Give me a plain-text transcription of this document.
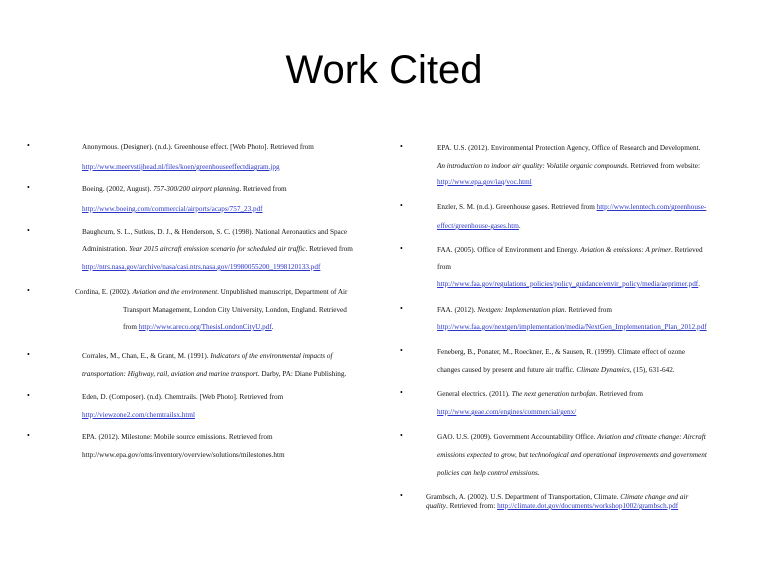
Work Cited
•	Anonymous. (Designer). (n.d.). Greenhouse effect. [Web Photo]. Retrieved from
http://www.meervstijhead.nl/files/koen/greenhouseeffectdiagram.jpg
•	Boeing. (2002, August). 757-300/200 airport planning. Retrieved from
http://www.boeing.com/commercial/airports/acaps/757_23.pdf
•	Baughcum, S. L., Sutkus, D. J., & Henderson, S. C. (1998). National Aeronautics and Space
Administration. Year 2015 aircraft emission scenario for scheduled air traffic. Retrieved from
http://ntrs.nasa.gov/archive/nasa/casi.ntrs.nasa.gov/19980055200_1998120133.pdf
•	Cordina, E. (2002). Aviation and the environment. Unpublished manuscript, Department of Air
Transport Management, London City University, London, England. Retrieved
from http://www.areco.org/ThesisLondonCityU.pdf.
•	Corrales, M., Chan, E., & Grant, M. (1991). Indicators of the environmental impacts of
transportation: Highway, rail, aviation and marine transport. Darby, PA: Diane Publishing.
•	Eden, D. (Composer). (n.d). Chemtrails. [Web Photo]. Retrieved from
http://viewzone2.com/chemtrailsx.html
•	EPA. (2012). Milestone: Mobile source emissions. Retrieved from
http://www.epa.gov/oms/inventory/overview/solutions/milestones.htm
•	EPA. U.S. (2012). Environmental Protection Agency, Office of Research and Development.
An introduction to indoor air quality: Volatile organic compounds. Retrieved from website:
http://www.epa.gov/iaq/voc.html
•	Enzler, S. M. (n.d.). Greenhouse gases. Retrieved from http://www.lenntech.com/greenhouse-
effect/greenhouse-gases.htm.
•	FAA. (2005). Office of Environment and Energy. Aviation & emissions: A primer. Retrieved
from
http://www.faa.gov/regulations_policies/policy_guidance/envir_policy/media/aeprimer.pdf.
•	FAA. (2012). Nextgen: Implementation plan. Retrieved from
http://www.faa.gov/nextgen/implementation/media/NextGen_Implementation_Plan_2012.pdf
•	Feneberg, B., Ponater, M., Roeckner, E., & Sausen, R. (1999). Climate effect of ozone
changes caused by present and future air traffic. Climate Dynamics, (15), 631-642.
•	General electrics. (2011). The next generation turbofan. Retrieved from
http://www.geae.com/engines/commercial/genx/
•	GAO. U.S. (2009). Government Accountability Office. Aviation and climate change: Aircraft
emissions expected to grow, but technological and operational improvements and government
policies can help control emissions.
•	Grambsch, A. (2002). U.S. Department of Transportation, Climate. Climate change and air
quality. Retrieved from: http://climate.dot.gov/documents/workshop1002/grambsch.pdf
